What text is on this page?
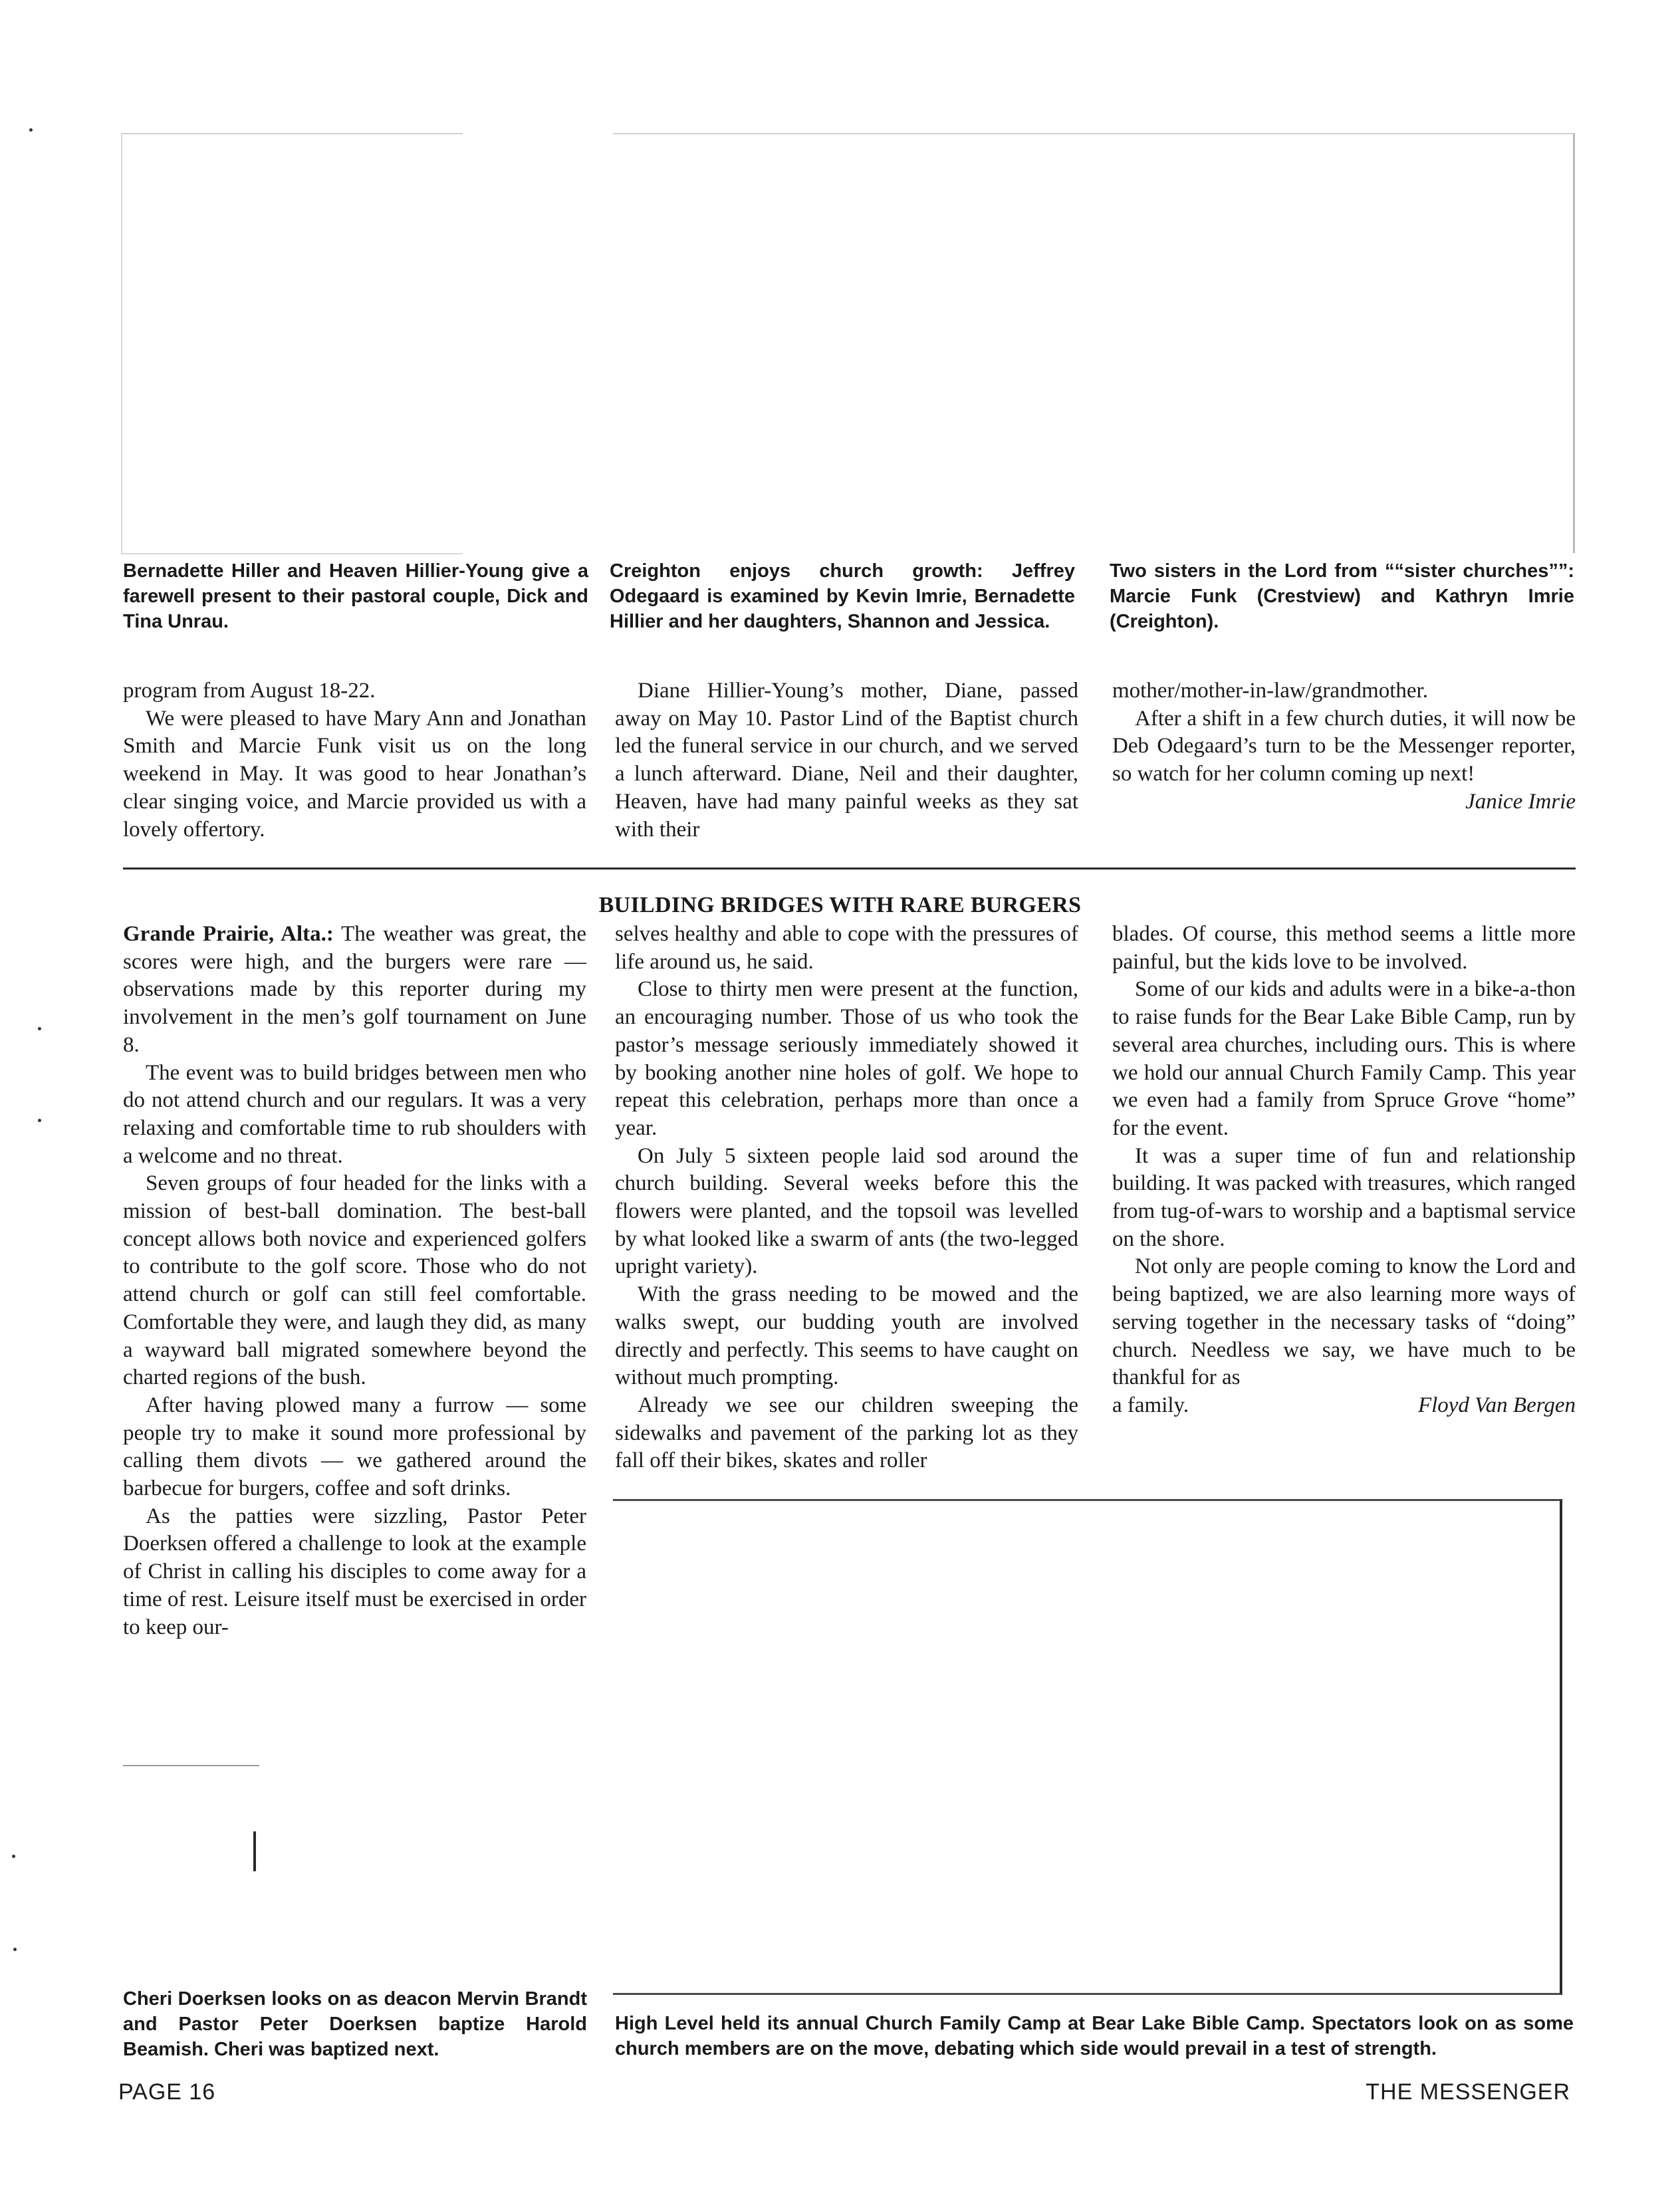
Bernadette Hiller and Heaven Hillier-Young give a farewell present to their pastoral couple, Dick and Tina Unrau.
Creighton enjoys church growth: Jeffrey Odegaard is examined by Kevin Imrie, Bernadette Hillier and her daughters, Shannon and Jessica.
Two sisters in the Lord from ““sister churches””: Marcie Funk (Crestview) and Kathryn Imrie (Creighton).

program from August 18-22.

We were pleased to have Mary Ann and Jonathan Smith and Marcie Funk visit us on the long weekend in May. It was good to hear Jonathan’s clear singing voice, and Marcie provided us with a lovely offertory.

Diane Hillier-Young’s mother, Diane, passed away on May 10. Pastor Lind of the Baptist church led the funeral service in our church, and we served a lunch afterward. Diane, Neil and their daughter, Heaven, have had many painful weeks as they sat with their

mother/mother-in-law/grandmother.

After a shift in a few church duties, it will now be Deb Odegaard’s turn to be the Messenger reporter, so watch for her column coming up next!

Janice Imrie

BUILDING BRIDGES WITH RARE BURGERS

Grande Prairie, Alta.: The weather was great, the scores were high, and the burgers were rare — observations made by this reporter during my involvement in the men’s golf tournament on June 8.

The event was to build bridges between men who do not attend church and our regulars. It was a very relaxing and comfortable time to rub shoulders with a welcome and no threat.

Seven groups of four headed for the links with a mission of best-ball domination. The best-ball concept allows both novice and experienced golfers to contribute to the golf score. Those who do not attend church or golf can still feel comfortable. Comfortable they were, and laugh they did, as many a wayward ball migrated somewhere beyond the charted regions of the bush.

After having plowed many a furrow — some people try to make it sound more professional by calling them divots — we gathered around the barbecue for burgers, coffee and soft drinks.

As the patties were sizzling, Pastor Peter Doerksen offered a challenge to look at the example of Christ in calling his disciples to come away for a time of rest. Leisure itself must be exercised in order to keep our-

selves healthy and able to cope with the pressures of life around us, he said.

Close to thirty men were present at the function, an encouraging number. Those of us who took the pastor’s message seriously immediately showed it by booking another nine holes of golf. We hope to repeat this celebration, perhaps more than once a year.

On July 5 sixteen people laid sod around the church building. Several weeks before this the flowers were planted, and the topsoil was levelled by what looked like a swarm of ants (the two-legged upright variety).

With the grass needing to be mowed and the walks swept, our budding youth are involved directly and perfectly. This seems to have caught on without much prompting.

Already we see our children sweeping the sidewalks and pavement of the parking lot as they fall off their bikes, skates and roller

blades. Of course, this method seems a little more painful, but the kids love to be involved.

Some of our kids and adults were in a bike-a-thon to raise funds for the Bear Lake Bible Camp, run by several area churches, including ours. This is where we hold our annual Church Family Camp. This year we even had a family from Spruce Grove “home” for the event.

It was a super time of fun and relationship building. It was packed with treasures, which ranged from tug-of-wars to worship and a baptismal service on the shore.

Not only are people coming to know the Lord and being baptized, we are also learning more ways of serving together in the necessary tasks of “doing” church. Needless we say, we have much to be thankful for as

a family.	Floyd Van Bergen
Cheri Doerksen looks on as deacon Mervin Brandt and Pastor Peter Doerksen baptize Harold Beamish. Cheri was baptized next.
High Level held its annual Church Family Camp at Bear Lake Bible Camp. Spectators look on as some church members are on the move, debating which side would prevail in a test of strength.
PAGE 16	THE MESSENGER
